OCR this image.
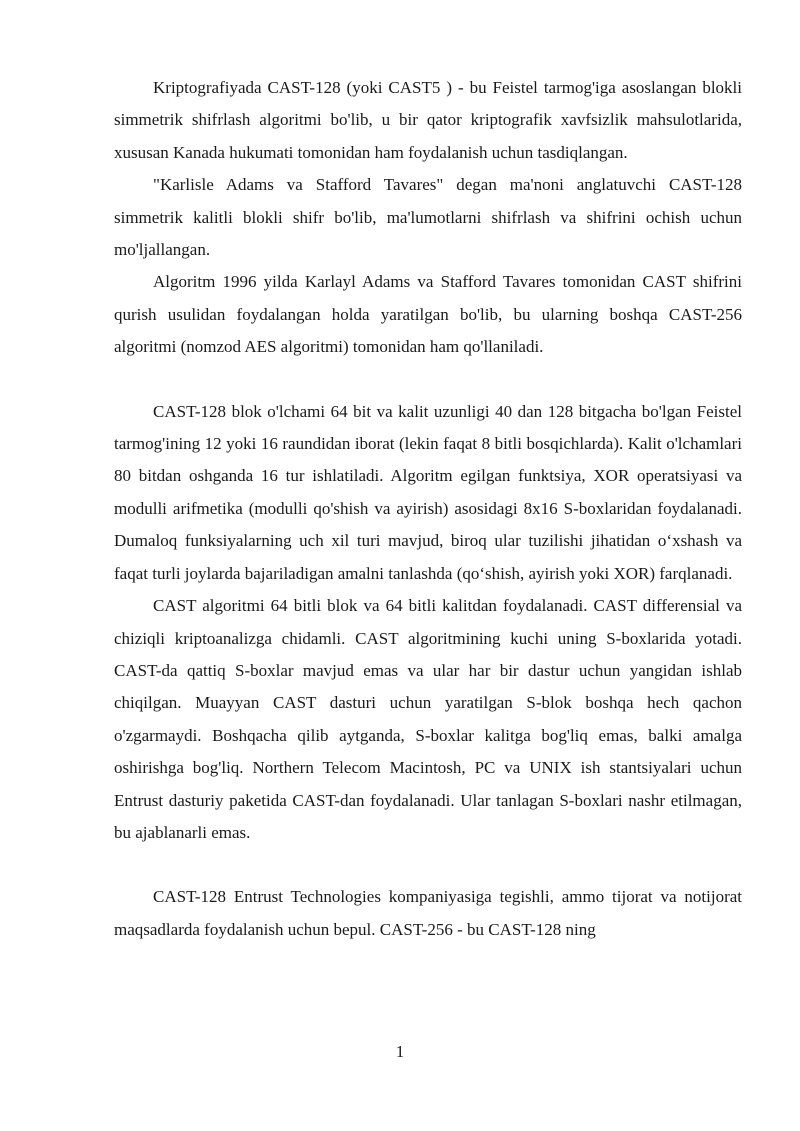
Kriptografiyada CAST-128 (yoki CAST5 ) - bu Feistel tarmog'iga asoslangan blokli simmetrik shifrlash algoritmi bo'lib, u bir qator kriptografik xavfsizlik mahsulotlarida, xususan Kanada hukumati tomonidan ham foydalanish uchun tasdiqlangan.

"Karlisle Adams va Stafford Tavares" degan ma'noni anglatuvchi CAST-128 simmetrik kalitli blokli shifr bo'lib, ma'lumotlarni shifrlash va shifrini ochish uchun mo'ljallangan.

Algoritm 1996 yilda Karlayl Adams va Stafford Tavares tomonidan CAST shifrini qurish usulidan foydalangan holda yaratilgan bo'lib, bu ularning boshqa CAST-256 algoritmi (nomzod AES algoritmi) tomonidan ham qo'llaniladi.

CAST-128 blok o'lchami 64 bit va kalit uzunligi 40 dan 128 bitgacha bo'lgan Feistel tarmog'ining 12 yoki 16 raundidan iborat (lekin faqat 8 bitli bosqichlarda). Kalit o'lchamlari 80 bitdan oshganda 16 tur ishlatiladi. Algoritm egilgan funktsiya, XOR operatsiyasi va modulli arifmetika (modulli qo'shish va ayirish) asosidagi 8x16 S-boxlaridan foydalanadi. Dumaloq funksiyalarning uch xil turi mavjud, biroq ular tuzilishi jihatidan o‘xshash va faqat turli joylarda bajariladigan amalni tanlashda (qo‘shish, ayirish yoki XOR) farqlanadi.

CAST algoritmi 64 bitli blok va 64 bitli kalitdan foydalanadi. CAST differensial va chiziqli kriptoanalizga chidamli. CAST algoritmining kuchi uning S-boxlarida yotadi. CAST-da qattiq S-boxlar mavjud emas va ular har bir dastur uchun yangidan ishlab chiqilgan. Muayyan CAST dasturi uchun yaratilgan S-blok boshqa hech qachon o'zgarmaydi. Boshqacha qilib aytganda, S-boxlar kalitga bog'liq emas, balki amalga oshirishga bog'liq. Northern Telecom Macintosh, PC va UNIX ish stantsiyalari uchun Entrust dasturiy paketida CAST-dan foydalanadi. Ular tanlagan S-boxlari nashr etilmagan, bu ajablanarli emas.

CAST-128 Entrust Technologies kompaniyasiga tegishli, ammo tijorat va notijorat maqsadlarda foydalanish uchun bepul. CAST-256 - bu CAST-128 ning

1
